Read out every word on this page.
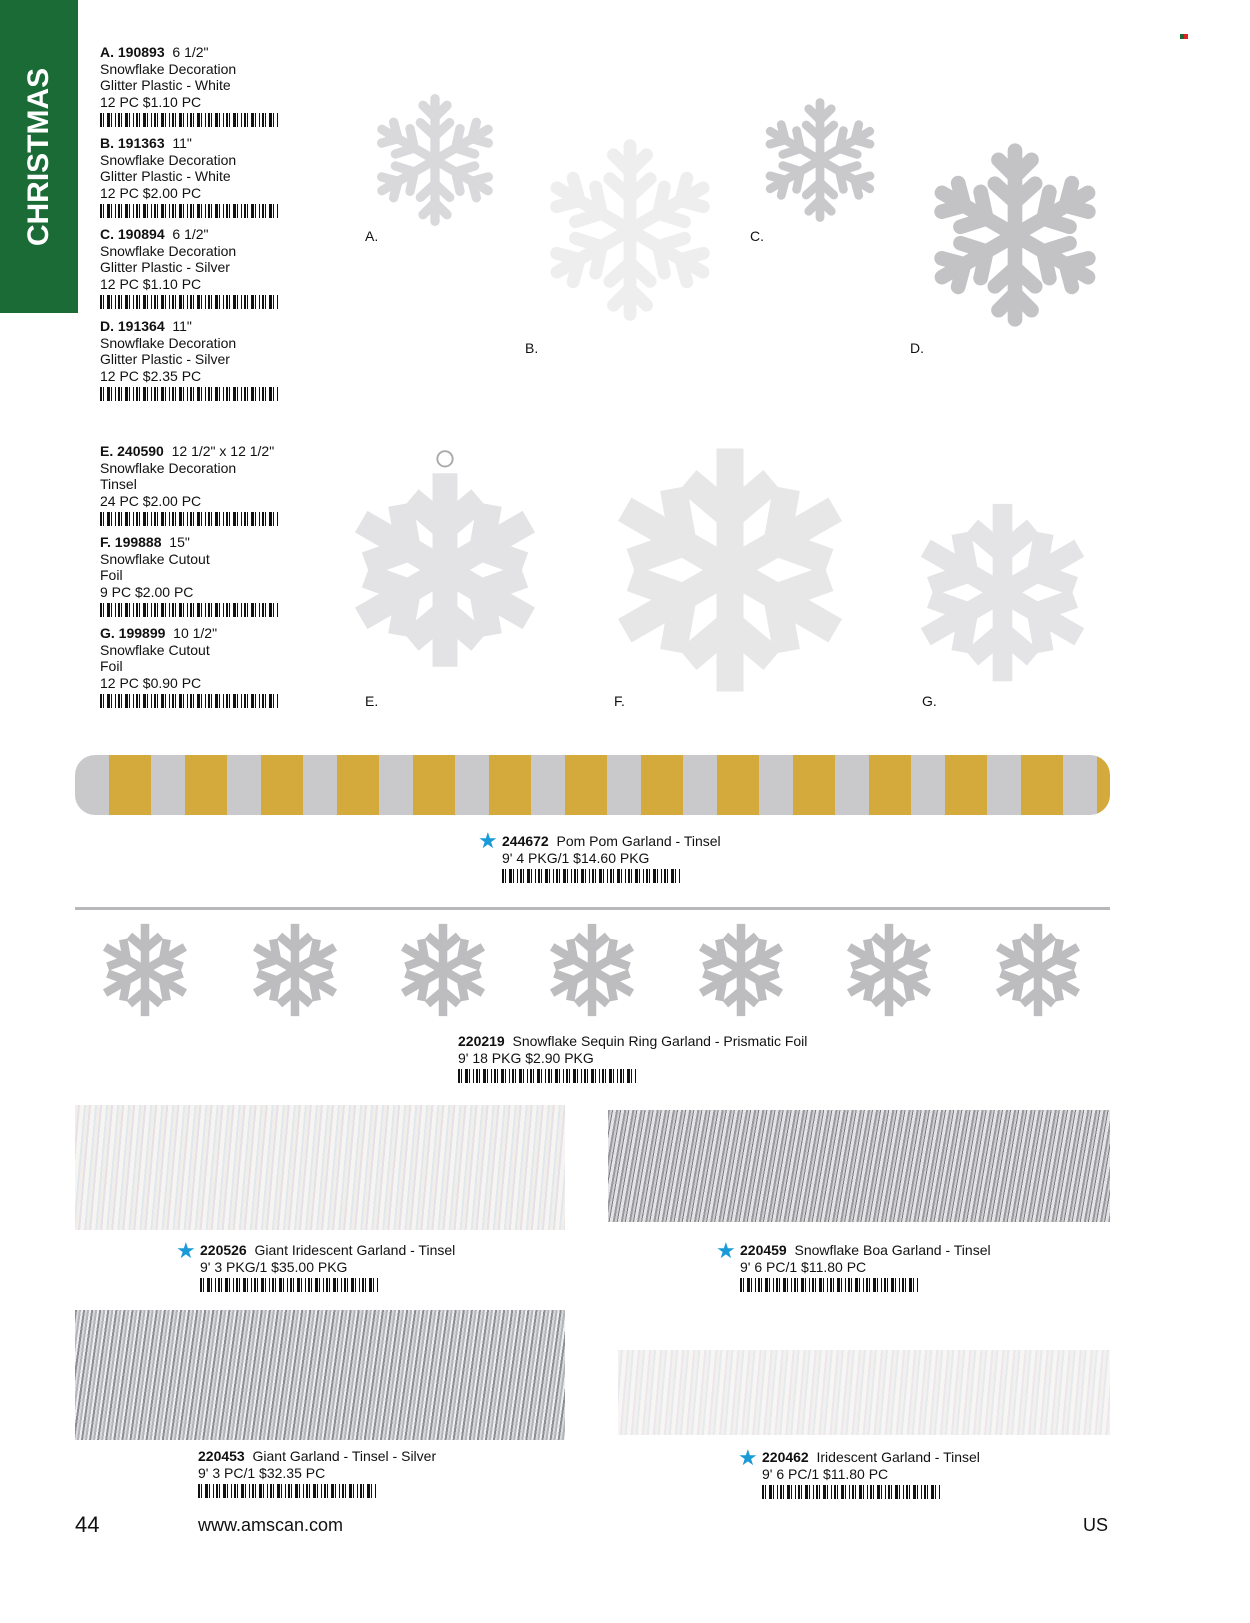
CHRISTMAS
A. 190893 6 1/2"
Snowflake Decoration
Glitter Plastic - White
12 PC $1.10 PC
B. 191363 11"
Snowflake Decoration
Glitter Plastic - White
12 PC $2.00 PC
C. 190894 6 1/2"
Snowflake Decoration
Glitter Plastic - Silver
12 PC $1.10 PC
D. 191364 11"
Snowflake Decoration
Glitter Plastic - Silver
12 PC $2.35 PC
E. 240590 12 1/2" x 12 1/2"
Snowflake Decoration
Tinsel
24 PC $2.00 PC
F. 199888 15"
Snowflake Cutout
Foil
9 PC $2.00 PC
G. 199899 10 1/2"
Snowflake Cutout
Foil
12 PC $0.90 PC
A.
B.
C.
D.
E.	F.	G.
★ 244672 Pom Pom Garland - Tinsel
9' 4 PKG/1 $14.60 PKG
220219 Snowflake Sequin Ring Garland - Prismatic Foil
9' 18 PKG $2.90 PKG
★ 220526 Giant Iridescent Garland - Tinsel
9' 3 PKG/1 $35.00 PKG
★ 220459 Snowflake Boa Garland - Tinsel
9' 6 PC/1 $11.80 PC
220453 Giant Garland - Tinsel - Silver
9' 3 PC/1 $32.35 PC
★ 220462 Iridescent Garland - Tinsel
9' 6 PC/1 $11.80 PC
44	www.amscan.com	US
